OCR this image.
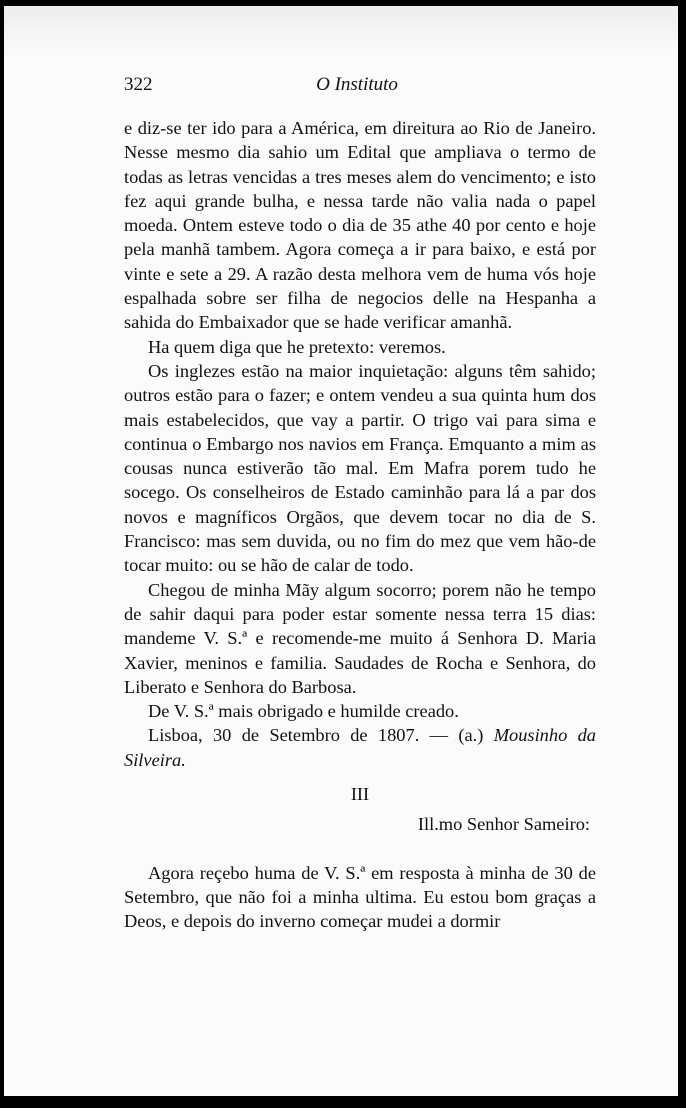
322	O Instituto

e diz-se ter ido para a América, em direitura ao Rio de Janeiro. Nesse mesmo dia sahio um Edital que ampliava o termo de todas as letras vencidas a tres meses alem do vencimento; e isto fez aqui grande bulha, e nessa tarde não valia nada o papel moeda. Ontem esteve todo o dia de 35 athe 40 por cento e hoje pela manhã tambem. Agora começa a ir para baixo, e está por vinte e sete a 29. A razão desta melhora vem de huma vós hoje espalhada sobre ser filha de negocios delle na Hespanha a sahida do Embaixador que se hade verificar amanhã.

Ha quem diga que he pretexto: veremos.

Os inglezes estão na maior inquietação: alguns têm sahido; outros estão para o fazer; e ontem vendeu a sua quinta hum dos mais estabelecidos, que vay a partir. O trigo vai para sima e continua o Embargo nos navios em França. Emquanto a mim as cousas nunca estiverão tão mal. Em Mafra porem tudo he socego. Os conselheiros de Estado caminhão para lá a par dos novos e magníficos Orgãos, que devem tocar no dia de S. Francisco: mas sem duvida, ou no fim do mez que vem hão-de tocar muito: ou se hão de calar de todo.

Chegou de minha Mãy algum socorro; porem não he tempo de sahir daqui para poder estar somente nessa terra 15 dias: mandeme V. S.ª e recomende-me muito á Senhora D. Maria Xavier, meninos e familia. Saudades de Rocha e Senhora, do Liberato e Senhora do Barbosa.

De V. S.ª mais obrigado e humilde creado.

Lisboa, 30 de Setembro de 1807. — (a.) Mousinho da Silveira.

III

Ill.mo Senhor Sameiro:

Agora reçebo huma de V. S.ª em resposta à minha de 30 de Setembro, que não foi a minha ultima. Eu estou bom graças a Deos, e depois do inverno começar mudei a dormir
